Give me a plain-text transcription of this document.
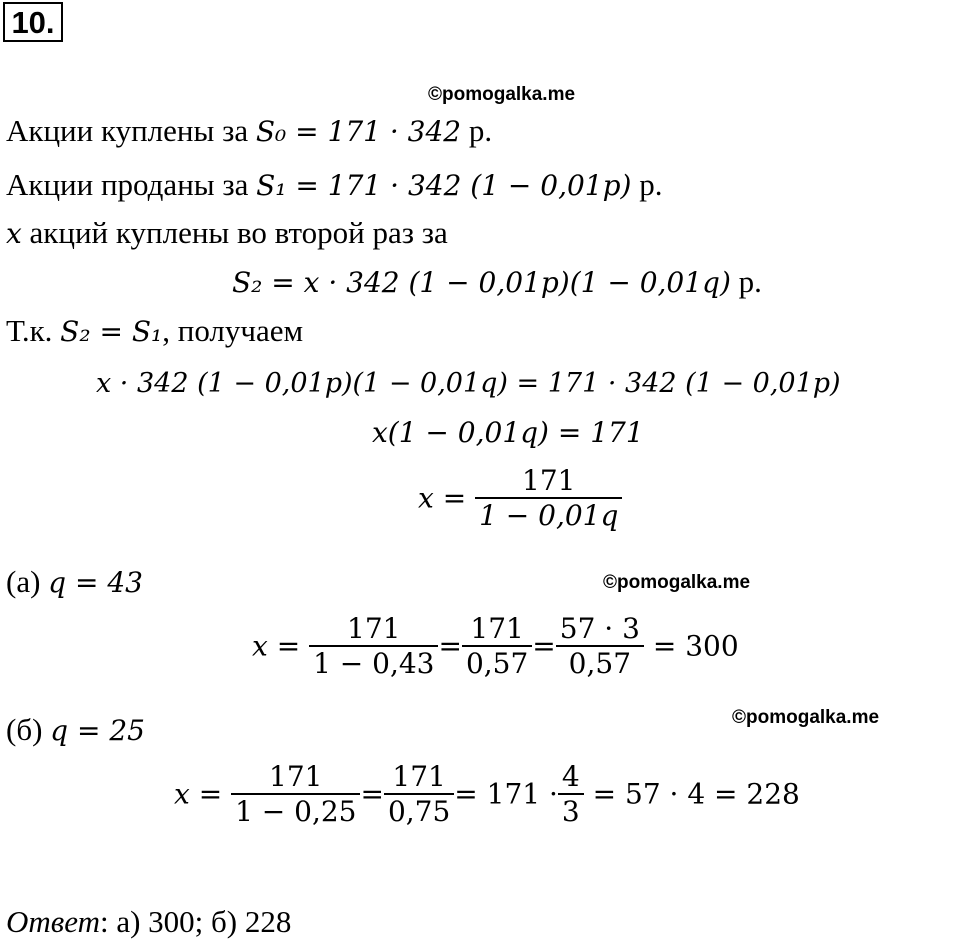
10.
©pomogalka.me
Акции куплены за S₀ = 171 · 342 р.
Акции проданы за S₁ = 171 · 342 (1 − 0,01p) р.
x акций куплены во второй раз за
S₂ = x · 342 (1 − 0,01p)(1 − 0,01q) р.
Т.к. S₂ = S₁, получаем
x · 342 (1 − 0,01p)(1 − 0,01q) = 171 · 342 (1 − 0,01p)
x(1 − 0,01q) = 171
$x = \frac{171}{1 - 0,01q}$
(а) q = 43	©pomogalka.me
$x = \frac{171}{1 - 0,43} = \frac{171}{0,57} = \frac{57 \cdot 3}{0,57} = 300$
(б) q = 25	©pomogalka.me
$x = \frac{171}{1 - 0,25} = \frac{171}{0,75} = 171 \cdot \frac{4}{3} = 57 \cdot 4 = 228$
Ответ: а) 300; б) 228
